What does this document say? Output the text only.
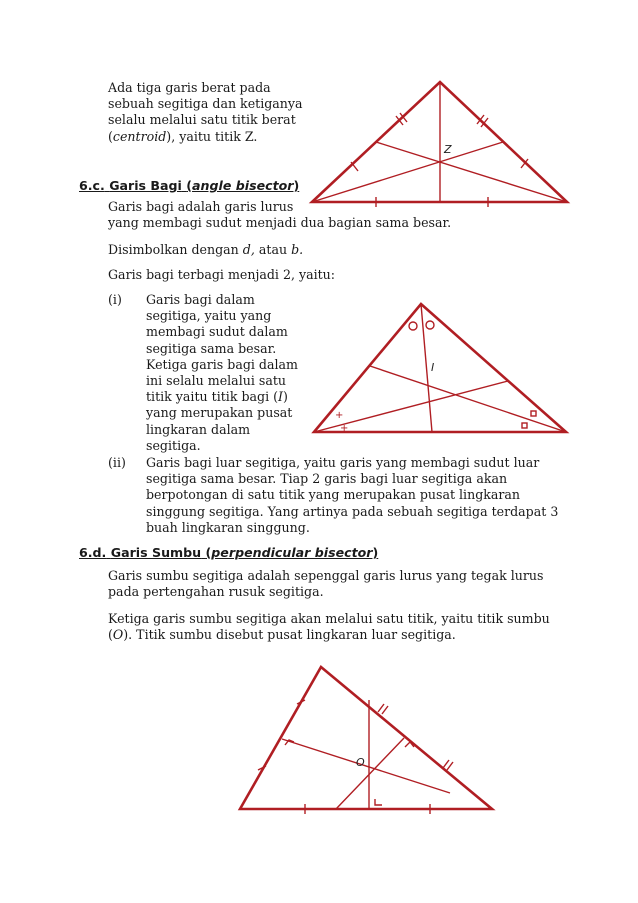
Ada tiga garis berat pada
sebuah segitiga dan ketiganya
selalu melalui satu titik berat
(centroid), yaitu titik Z.
6.c. Garis Bagi (angle bisector)
Garis bagi adalah garis lurus
yang membagi sudut menjadi dua bagian sama besar.
Disimbolkan dengan d, atau b.
Garis bagi terbagi menjadi 2, yaitu:
(i) Garis bagi dalam
segitiga, yaitu yang
membagi sudut dalam
segitiga sama besar.
Ketiga garis bagi dalam
ini selalu melalui satu
titik yaitu titik bagi (I)
yang merupakan pusat
lingkaran dalam
segitiga.
(ii) Garis bagi luar segitiga, yaitu garis yang membagi sudut luar
segitiga sama besar. Tiap 2 garis bagi luar segitiga akan
berpotongan di satu titik yang merupakan pusat lingkaran
singgung segitiga. Yang artinya pada sebuah segitiga terdapat 3
buah lingkaran singgung.
6.d. Garis Sumbu (perpendicular bisector)
Garis sumbu segitiga adalah sepenggal garis lurus yang tegak lurus
pada pertengahan rusuk segitiga.
Ketiga garis sumbu segitiga akan melalui satu titik, yaitu titik sumbu
(O). Titik sumbu disebut pusat lingkaran luar segitiga.
Z
+
+
I
O
